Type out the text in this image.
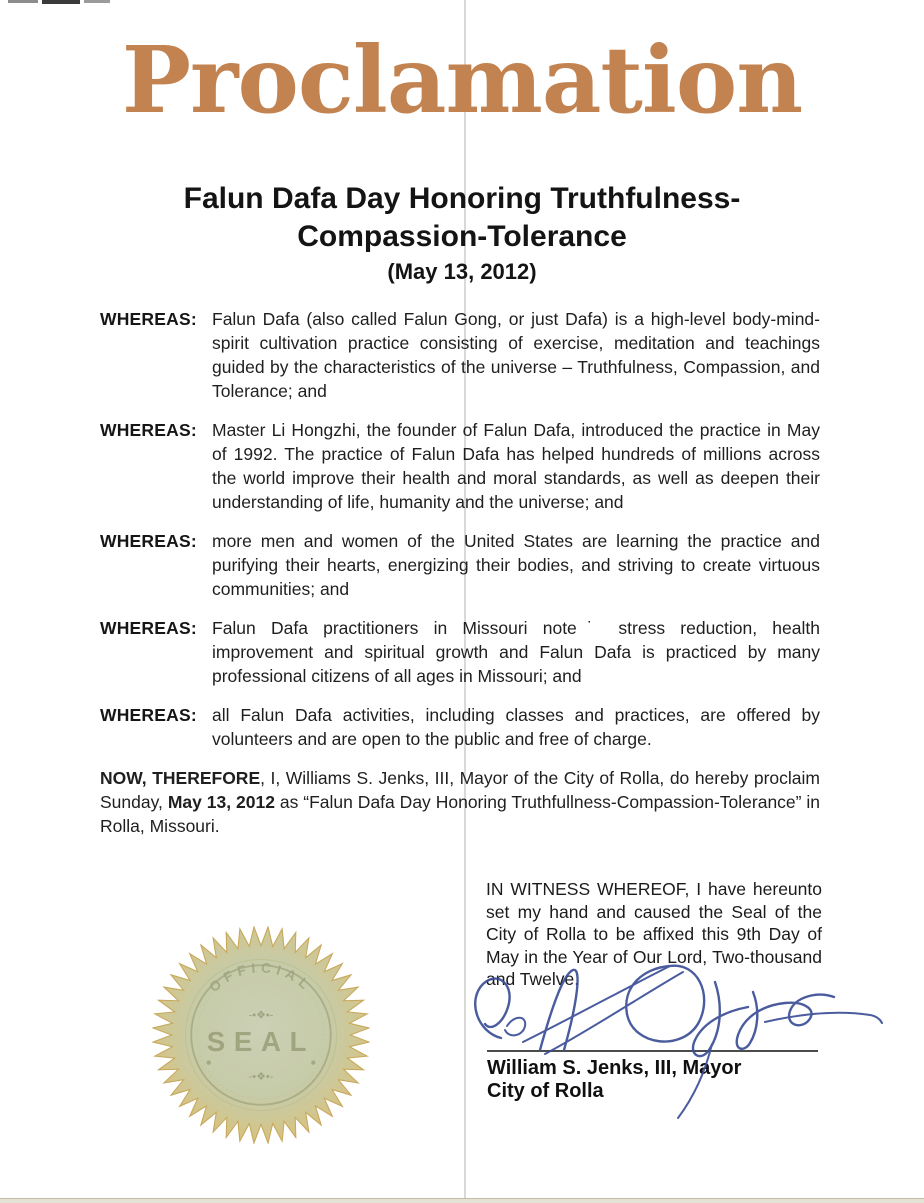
Proclamation
Falun Dafa Day Honoring Truthfulness-Compassion-Tolerance
(May 13, 2012)
WHEREAS: Falun Dafa (also called Falun Gong, or just Dafa) is a high-level body-mind-spirit cultivation practice consisting of exercise, meditation and teachings guided by the characteristics of the universe – Truthfulness, Compassion, and Tolerance; and

WHEREAS: Master Li Hongzhi, the founder of Falun Dafa, introduced the practice in May of 1992. The practice of Falun Dafa has helped hundreds of millions across the world improve their health and moral standards, as well as deepen their understanding of life, humanity and the universe; and

WHEREAS: more men and women of the United States are learning the practice and purifying their hearts, energizing their bodies, and striving to create virtuous communities; and

WHEREAS: Falun Dafa practitioners in Missouri note˙ stress reduction, health improvement and spiritual growth and Falun Dafa is practiced by many professional citizens of all ages in Missouri; and

WHEREAS: all Falun Dafa activities, including classes and practices, are offered by volunteers and are open to the public and free of charge.

NOW, THEREFORE, I, Williams S. Jenks, III, Mayor of the City of Rolla, do hereby proclaim Sunday, May 13, 2012 as “Falun Dafa Day Honoring Truthfullness-Compassion-Tolerance” in Rolla, Missouri.

IN WITNESS WHEREOF, I have hereunto set my hand and caused the Seal of the City of Rolla to be affixed this 9th Day of May in the Year of Our Lord, Two-thousand and Twelve.
William S. Jenks, III, Mayor
City of Rolla
OFFICIAL
-•❖•-
SEAL
-•❖•-
